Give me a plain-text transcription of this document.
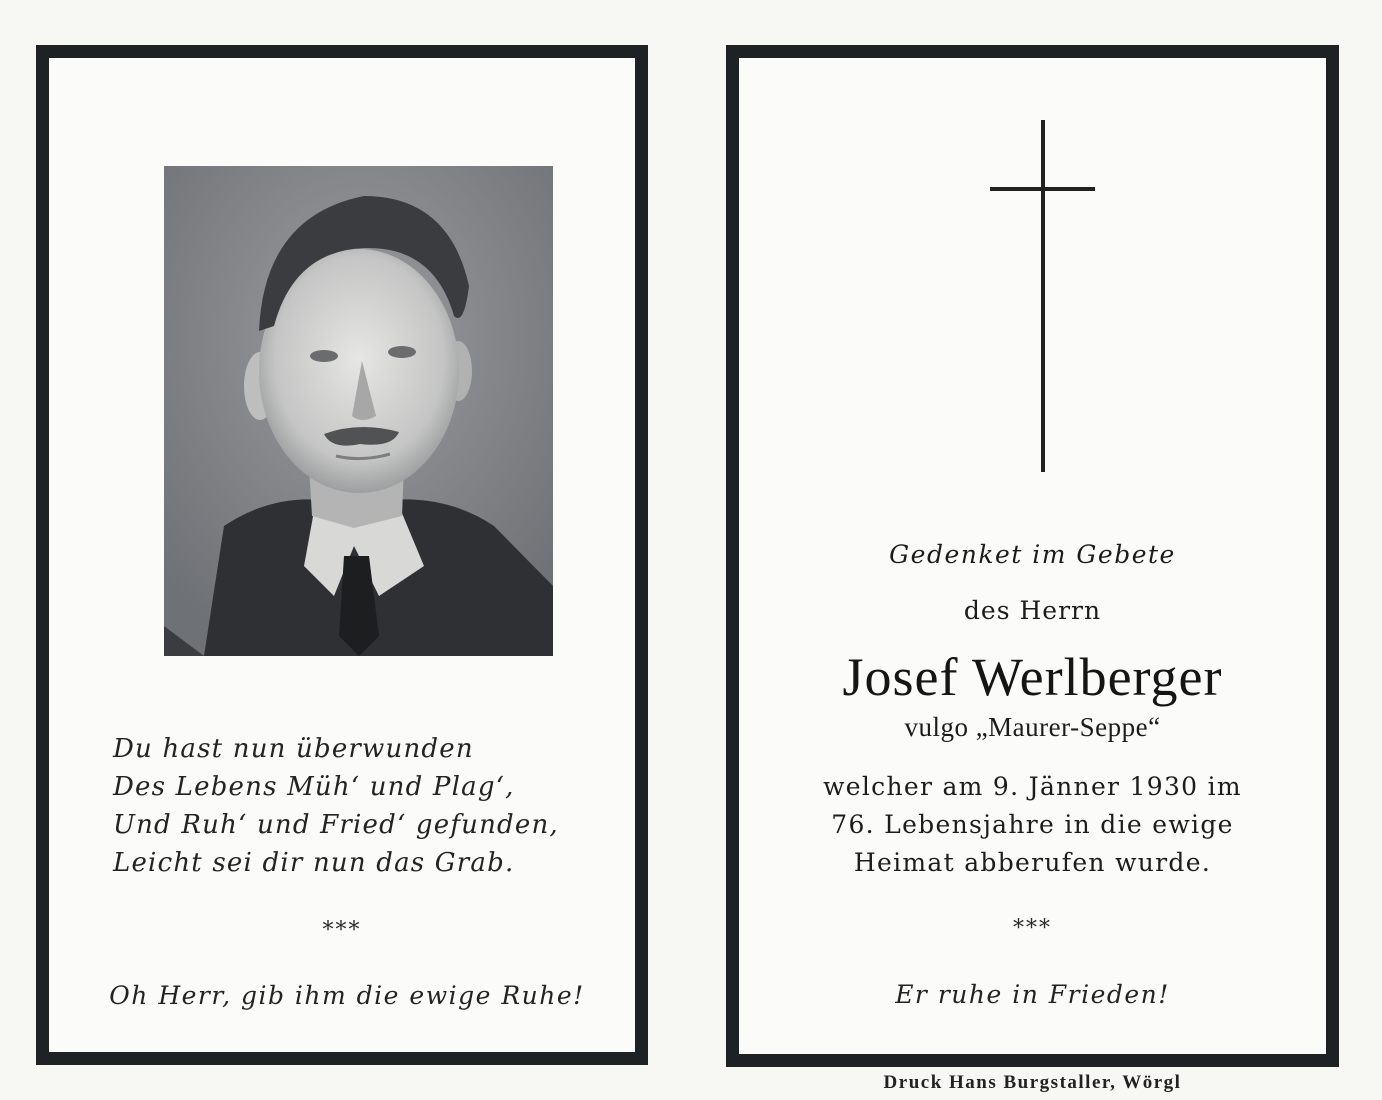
Du hast nun überwunden
Des Lebens Müh‘ und Plag‘,
Und Ruh‘ und Fried‘ gefunden,
Leicht sei dir nun das Grab.
***
Oh Herr, gib ihm die ewige Ruhe!
Gedenket im Gebete
des Herrn
Josef Werlberger
vulgo „Maurer-Seppe“
welcher am 9. Jänner 1930 im
76. Lebensjahre in die ewige
Heimat abberufen wurde.
***
Er ruhe in Frieden!
Druck Hans Burgstaller, Wörgl
